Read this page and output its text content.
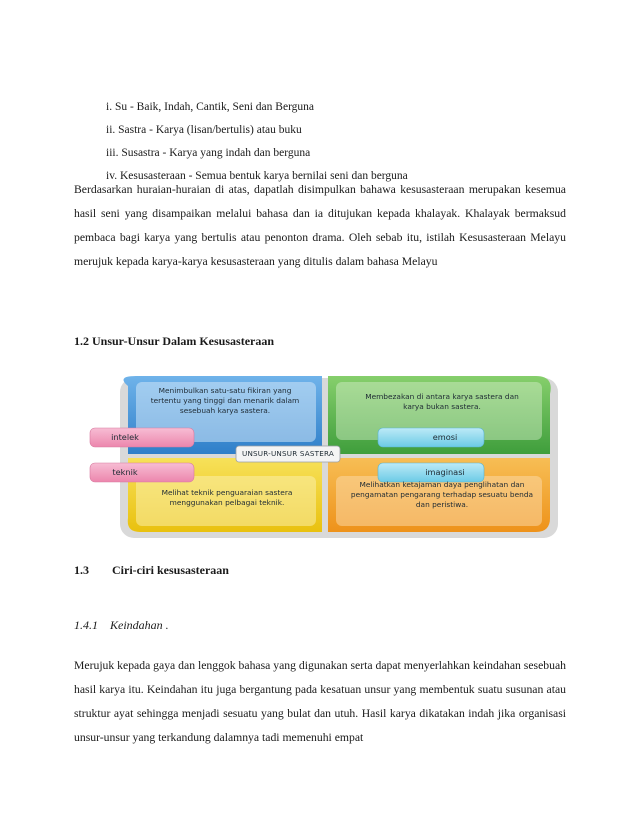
i. Su - Baik, Indah, Cantik, Seni dan Berguna
ii. Sastra - Karya (lisan/bertulis) atau buku
iii. Susastra - Karya yang indah dan berguna
iv. Kesusasteraan - Semua bentuk karya bernilai seni dan berguna
Berdasarkan huraian-huraian di atas, dapatlah disimpulkan bahawa kesusasteraan merupakan kesemua hasil seni yang disampaikan melalui bahasa dan ia ditujukan kepada khalayak. Khalayak bermaksud pembaca bagi karya yang bertulis atau penonton drama. Oleh sebab itu, istilah Kesusasteraan Melayu merujuk kepada karya-karya kesusasteraan yang ditulis dalam bahasa Melayu
1.2 Unsur-Unsur Dalam Kesusasteraan
Menimbulkan satu-satu fikiran yang tertentu yang tinggi dan menarik dalam sesebuah karya sastera.
Membezakan di antara karya sastera dan karya bukan sastera.
Melihat teknik penguaraian sastera menggunakan pelbagai teknik.
Melihatkan ketajaman daya penglihatan dan pengamatan pengarang terhadap sesuatu benda dan peristiwa.
intelek	emosi
teknik	imaginasi
UNSUR-UNSUR SASTERA
1.3 Ciri-ciri kesusasteraan
1.4.1 Keindahan .
Merujuk kepada gaya dan lenggok bahasa yang digunakan serta dapat menyerlahkan keindahan sesebuah hasil karya itu. Keindahan itu juga bergantung pada kesatuan unsur yang membentuk suatu susunan atau struktur ayat sehingga menjadi sesuatu yang bulat dan utuh. Hasil karya dikatakan indah jika organisasi unsur-unsur yang terkandung dalamnya tadi memenuhi empat
